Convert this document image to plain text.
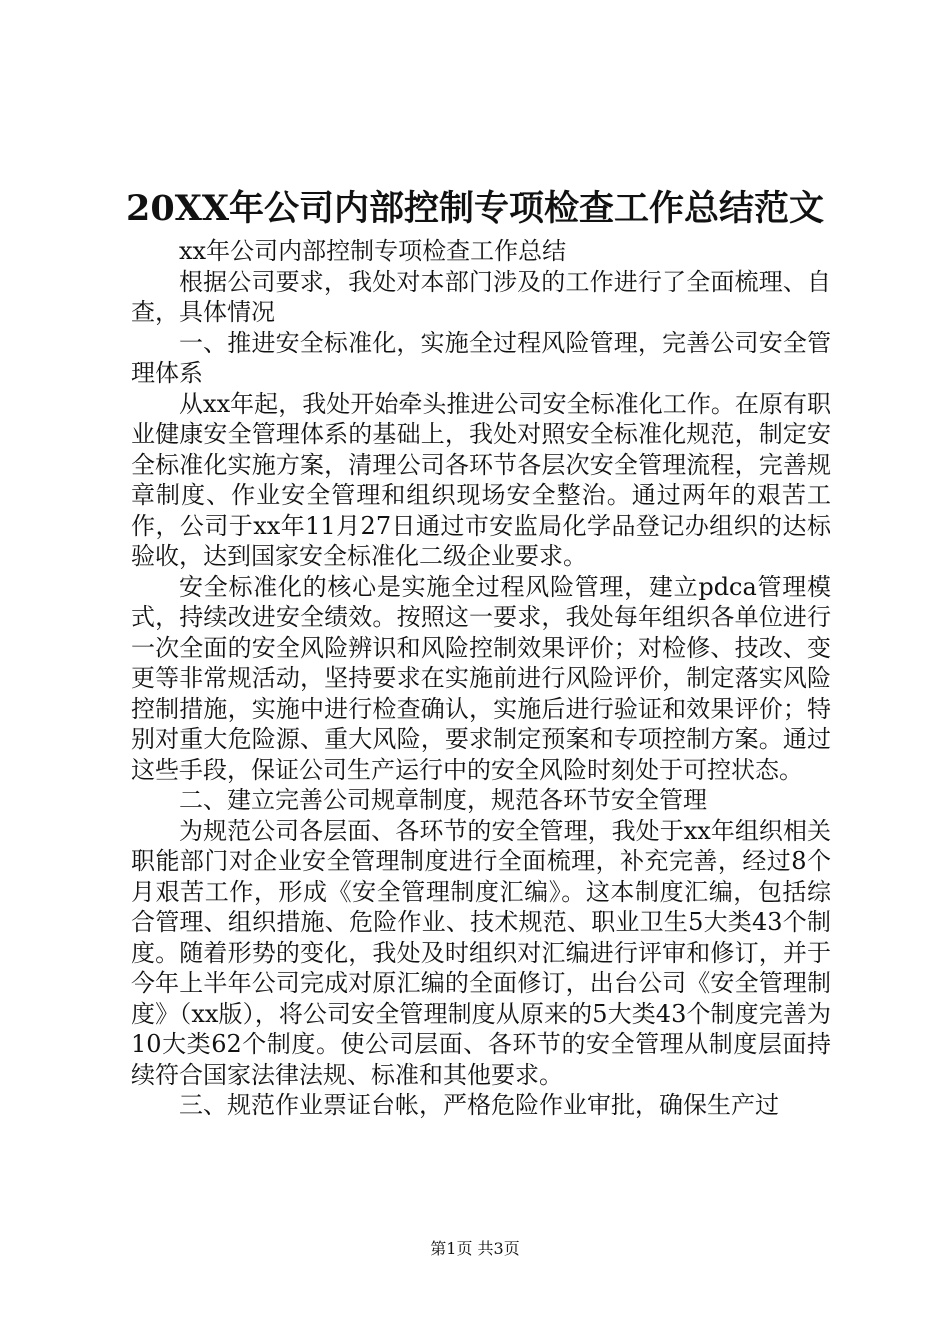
20XX年公司内部控制专项检查工作总结范文

xx年公司内部控制专项检查工作总结

根据公司要求，我处对本部门涉及的工作进行了全面梳理、自查，具体情况

一、推进安全标准化，实施全过程风险管理，完善公司安全管理体系

从xx年起，我处开始牵头推进公司安全标准化工作。在原有职业健康安全管理体系的基础上，我处对照安全标准化规范，制定安全标准化实施方案，清理公司各环节各层次安全管理流程，完善规章制度、作业安全管理和组织现场安全整治。通过两年的艰苦工作，公司于xx年11月27日通过市安监局化学品登记办组织的达标验收，达到国家安全标准化二级企业要求。

安全标准化的核心是实施全过程风险管理，建立pdca管理模式，持续改进安全绩效。按照这一要求，我处每年组织各单位进行一次全面的安全风险辨识和风险控制效果评价；对检修、技改、变更等非常规活动，坚持要求在实施前进行风险评价，制定落实风险控制措施，实施中进行检查确认，实施后进行验证和效果评价；特别对重大危险源、重大风险，要求制定预案和专项控制方案。通过这些手段，保证公司生产运行中的安全风险时刻处于可控状态。

二、建立完善公司规章制度，规范各环节安全管理

为规范公司各层面、各环节的安全管理，我处于xx年组织相关职能部门对企业安全管理制度进行全面梳理，补充完善，经过8个月艰苦工作，形成《安全管理制度汇编》。这本制度汇编，包括综合管理、组织措施、危险作业、技术规范、职业卫生5大类43个制度。随着形势的变化，我处及时组织对汇编进行评审和修订，并于今年上半年公司完成对原汇编的全面修订，出台公司《安全管理制度》（xx版），将公司安全管理制度从原来的5大类43个制度完善为10大类62个制度。使公司层面、各环节的安全管理从制度层面持续符合国家法律法规、标准和其他要求。

三、规范作业票证台帐，严格危险作业审批，确保生产过

第1页 共3页
